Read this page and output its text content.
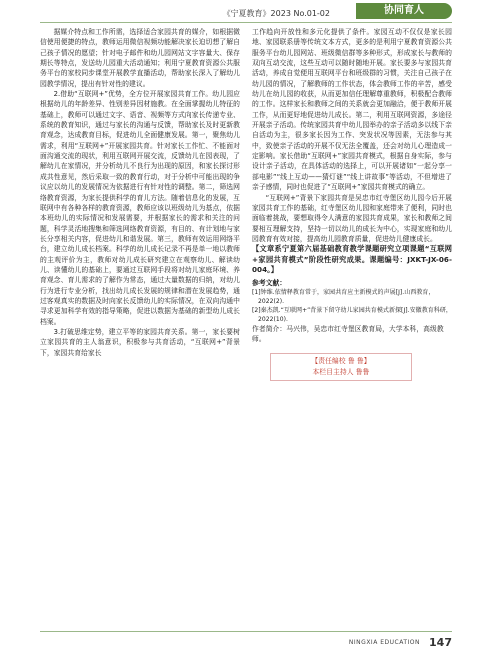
《宁夏教育》2023 No.01-02	协同育人

据媒介特点和工作所需，选择适合家园共育的媒介，如根据微信使用便捷的特点，教师运用微信视频功能解决家长迫切想了解自己孩子情况的愿望；针对电子邮件和幼儿园网站文字容量大、保存期长等特点，发送幼儿园重大活动通知；利用宁夏教育资源公共服务平台的家校同步课堂开展教学直播活动，帮助家长深入了解幼儿园教学情况，提出有针对性的建议。

2.借助“互联网+”优势，全方位开展家园共育工作。幼儿园应根据幼儿的年龄差异、性别差异因材施教。在全面掌握幼儿特征的基础上，教师可以通过文字、语音、视频等方式向家长传递专业、系统的教育知识，通过与家长的沟通与反馈，帮助家长及时更新教育观念，达成教育目标，促进幼儿全面健康发展。第一，聚焦幼儿需求，利用“互联网+”开展家园共育。针对家长工作忙、不能面对面沟通交流的现状，利用互联网开展交流，反馈幼儿在园表现，了解幼儿在家情况，并分析幼儿不良行为出现的原因，和家长探讨形成共性意见，然后采取一致的教育行动，对于分析中可能出现的争议应以幼儿的发展情况为依据进行有针对性的调整。第二，筛选网络教育资源，为家长提供科学的育儿方法。随着信息化的发展，互联网中有各种各样的教育资源，教师应该以班级幼儿为基点，依据本班幼儿的实际情况和发展需要，并根据家长的需求和关注的问题，科学灵活地搜集和筛选网络教育资源，有目的、有计划地与家长分享相关内容，促进幼儿和谐发展。第三，教师有效运用网络平台，建立幼儿成长档案。科学的幼儿成长记录不再是单一地以教师的主观评价为主，教师对幼儿成长研究建立在观察幼儿、解读幼儿、读懂幼儿的基础上，要通过互联网手段将对幼儿家庭环境、养育观念、育儿需求的了解作为常态，通过大量数据的归纳，对幼儿行为进行专业分析，找出幼儿成长发展的规律和潜在发展趋势，通过客观真实的数据及时向家长反馈幼儿的实际情况，在双向沟通中寻求更加科学有效的指导策略，促进以数据为基础的新型幼儿成长档案。

3.打破思维定势，建立平等的家园共育关系。第一，家长要树立家园共育的主人翁意识，积极参与共育活动，“互联网+”背景下，家园共育给家长

工作趋向开放性和多元化提供了条件。家园互动不仅仅是家长园地、家园联系册等传统文本方式，更多的是利用宁夏教育资源公共服务平台幼儿园网站、班级微信群等多种形式，形成家长与教师的双向互动交流，这些互动可以随时随地开展。家长要多与家园共育活动，养成自觉便用互联网平台和班级群的习惯，关注自己孩子在幼儿园的情况，了解教师的工作状态，体会教师工作的辛苦，感受幼儿在幼儿园的收获，从而更加信任理解尊重教师，积极配合教师的工作。这样家长和教师之间的关系就会更加融洽，便于教师开展工作，从而更好地促进幼儿成长。第二，利用互联网资源，多途径开展亲子活动。传统家园共育中幼儿园举办的亲子活动多以线下亲自活动为主，很多家长因为工作、突发状况等因素，无法参与其中，致使亲子活动的开展不仅无法全覆盖，还会对幼儿心理造成一定影响。家长借助“互联网+”家园共育模式，根据自身实际，参与设计亲子活动，在具体活动的选择上，可以开展诸如“一起分享一部电影”“线上互动——猜灯谜”“线上讲故事”等活动，不但增进了亲子感情，同时也促进了“互联网+”家园共育模式的确立。

“互联网+”背景下家园共育是吴忠市红寺堡区幼儿园今后开展家园共育工作的基础，红寺堡区幼儿园和家庭带来了便利，同时也面临着挑战，要想取得令人满意的家园共育成果，家长和教师之间要相互理解支持，坚持一切以幼儿的成长为中心，实现家庭和幼儿园教育有效对接，提高幼儿园教育质量，促进幼儿健康成长。

【文章系宁夏第六届基础教育教学课题研究立项课题“互联网+家园共育模式”阶段性研究成果。课题编号：JXKT-JX-06-004。】

参考文献：
[1]钟维.依情释教育常于，家园共育应主新模式的声展[J].山西教育，2022(2).
[2]秦杰凯.“互联网+”背景下留守幼儿家园共育模式新探[J].安徽教育科研，2022(10).
作者简介：马兴伟，吴忠市红寺堡区教育局，大学本科，高级教师。
【责任编校 鲁 鲁】
本栏目主持人 鲁鲁
NINGXIA EDUCATION 147
